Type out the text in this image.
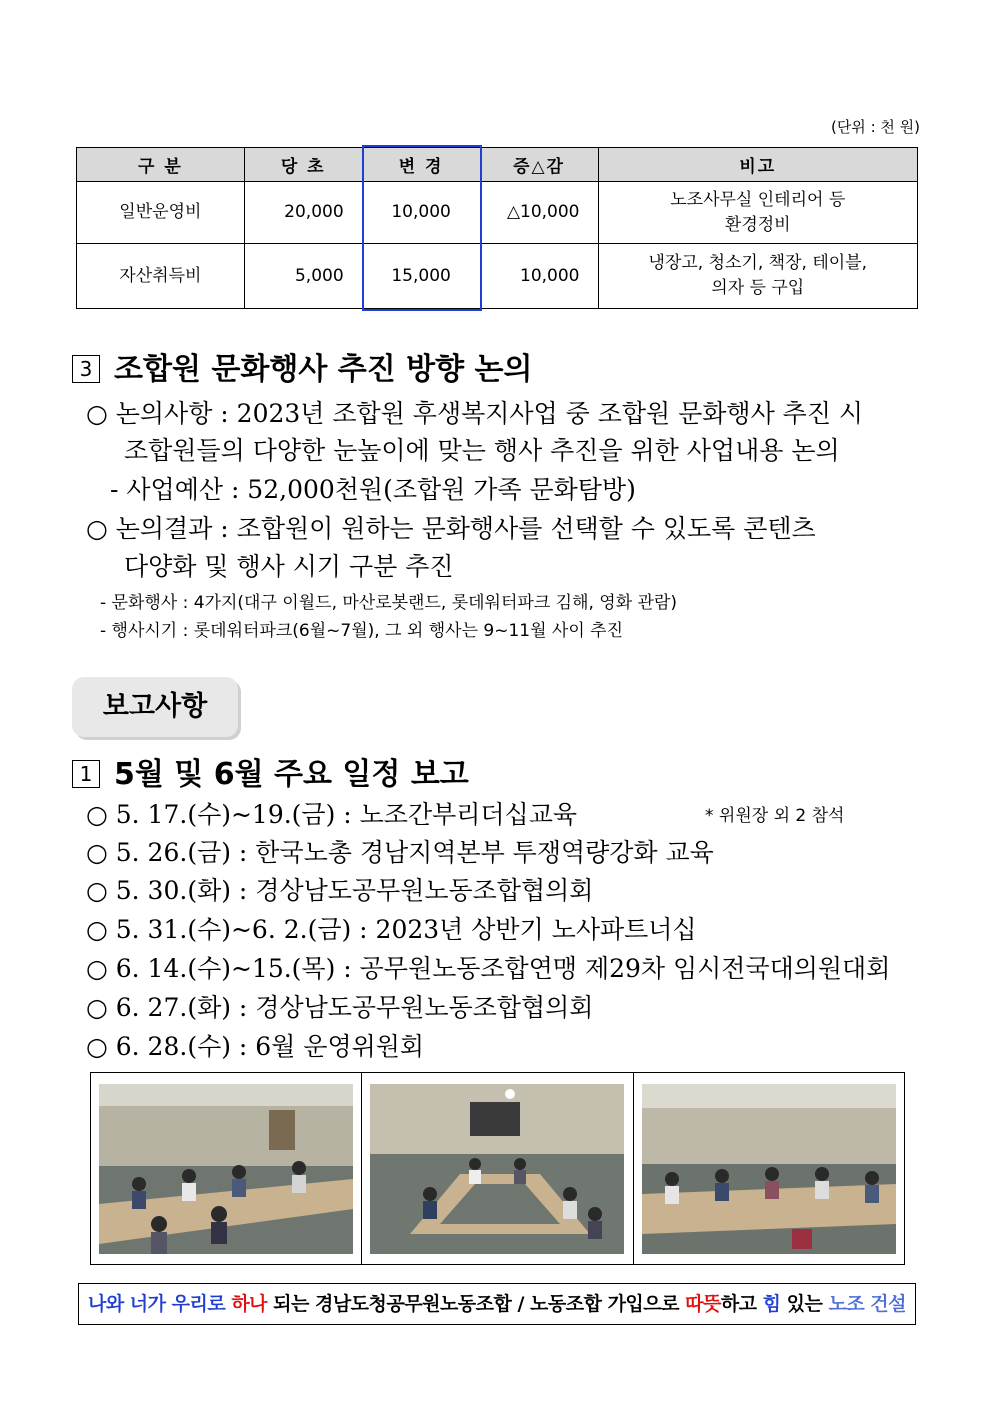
(단위 : 천 원)
구 분	당 초	변 경	증△감	비고
일반운영비	20,000	10,000	△10,000	노조사무실 인테리어 등
환경정비

자산취득비	5,000	15,000	10,000	냉장고, 청소기, 책장, 테이블,
의자 등 구입
3 조합원 문화행사 추진 방향 논의
○ 논의사항 : 2023년 조합원 후생복지사업 중 조합원 문화행사 추진 시
조합원들의 다양한 눈높이에 맞는 행사 추진을 위한 사업내용 논의
- 사업예산 : 52,000천원(조합원 가족 문화탐방)
○ 논의결과 : 조합원이 원하는 문화행사를 선택할 수 있도록 콘텐츠
다양화 및 행사 시기 구분 추진
- 문화행사 : 4가지(대구 이월드, 마산로봇랜드, 롯데워터파크 김해, 영화 관람)
- 행사시기 : 롯데워터파크(6월~7월), 그 외 행사는 9~11월 사이 추진
보고사항
1 5월 및 6월 주요 일정 보고
○ 5. 17.(수)~19.(금) : 노조간부리더십교육	* 위원장 외 2 참석
○ 5. 26.(금) : 한국노총 경남지역본부 투쟁역량강화 교육
○ 5. 30.(화) : 경상남도공무원노동조합협의회
○ 5. 31.(수)~6. 2.(금) : 2023년 상반기 노사파트너십
○ 6. 14.(수)~15.(목) : 공무원노동조합연맹 제29차 임시전국대의원대회
○ 6. 27.(화) : 경상남도공무원노동조합협의회
○ 6. 28.(수) : 6월 운영위원회
나와 너가 우리로 하나 되는 경남도청공무원노동조합 / 노동조합 가입으로 따뜻하고 힘 있는 노조 건설
